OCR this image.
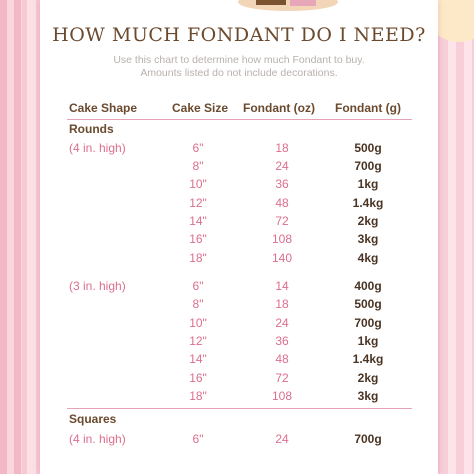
HOW MUCH FONDANT DO I NEED?
Use this chart to determine how much Fondant to buy.
Amounts listed do not include decorations.
Cake Shape	Cake Size Fondant (oz) Fondant (g)
Rounds
(4 in. high)	6"	18	500g
8"	24	700g
10"	36	1kg
12"	48	1.4kg
14"	72	2kg
16"	108	3kg
18"	140	4kg
(3 in. high)	6"	14	400g
8"	18	500g
10"	24	700g
12"	36	1kg
14"	48	1.4kg
16"	72	2kg
18"	108	3kg
Squares
(4 in. high)	6"	24	700g
